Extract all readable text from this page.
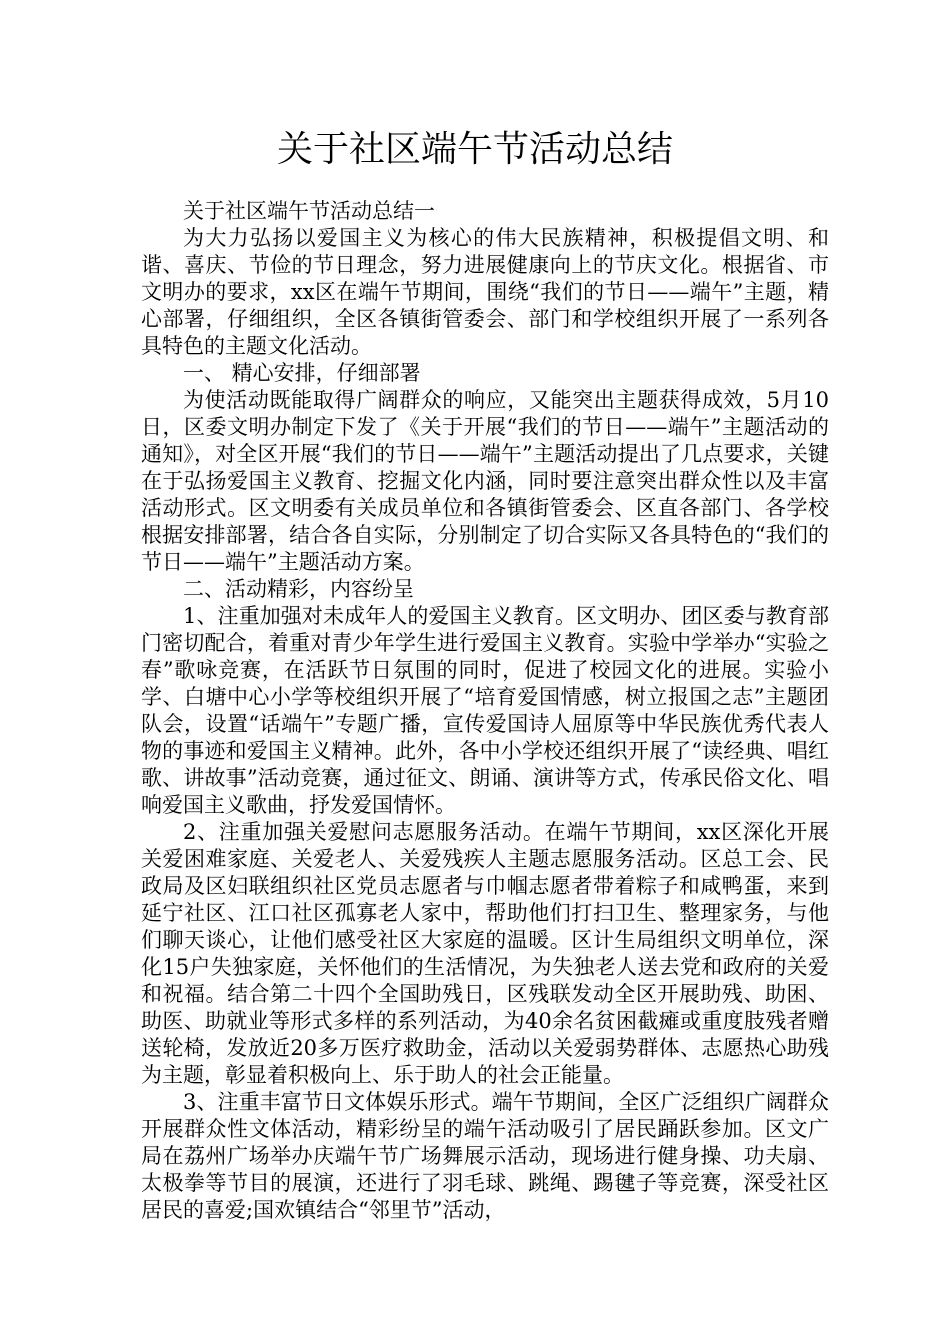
关于社区端午节活动总结

关于社区端午节活动总结一

为大力弘扬以爱国主义为核心的伟大民族精神，积极提倡文明、和谐、喜庆、节俭的节日理念，努力进展健康向上的节庆文化。根据省、市文明办的要求，xx区在端午节期间，围绕“我们的节日——端午”主题，精心部署，仔细组织，全区各镇街管委会、部门和学校组织开展了一系列各具特色的主题文化活动。

一、 精心安排，仔细部署

为使活动既能取得广阔群众的响应，又能突出主题获得成效，5月10日，区委文明办制定下发了《关于开展“我们的节日——端午”主题活动的通知》，对全区开展“我们的节日——端午”主题活动提出了几点要求，关键在于弘扬爱国主义教育、挖掘文化内涵，同时要注意突出群众性以及丰富活动形式。区文明委有关成员单位和各镇街管委会、区直各部门、各学校根据安排部署，结合各自实际，分别制定了切合实际又各具特色的“我们的节日——端午”主题活动方案。

二、活动精彩，内容纷呈

1、注重加强对未成年人的爱国主义教育。区文明办、团区委与教育部门密切配合，着重对青少年学生进行爱国主义教育。实验中学举办“实验之春”歌咏竞赛，在活跃节日氛围的同时，促进了校园文化的进展。实验小学、白塘中心小学等校组织开展了“培育爱国情感，树立报国之志”主题团队会，设置“话端午”专题广播，宣传爱国诗人屈原等中华民族优秀代表人物的事迹和爱国主义精神。此外，各中小学校还组织开展了“读经典、唱红歌、讲故事”活动竞赛，通过征文、朗诵、演讲等方式，传承民俗文化、唱响爱国主义歌曲，抒发爱国情怀。

2、注重加强关爱慰问志愿服务活动。在端午节期间，xx区深化开展关爱困难家庭、关爱老人、关爱残疾人主题志愿服务活动。区总工会、民政局及区妇联组织社区党员志愿者与巾帼志愿者带着粽子和咸鸭蛋，来到延宁社区、江口社区孤寡老人家中，帮助他们打扫卫生、整理家务，与他们聊天谈心，让他们感受社区大家庭的温暖。区计生局组织文明单位，深化15户失独家庭，关怀他们的生活情况，为失独老人送去党和政府的关爱和祝福。结合第二十四个全国助残日，区残联发动全区开展助残、助困、助医、助就业等形式多样的系列活动，为40余名贫困截瘫或重度肢残者赠送轮椅，发放近20多万医疗救助金，活动以关爱弱势群体、志愿热心助残为主题，彰显着积极向上、乐于助人的社会正能量。

3、注重丰富节日文体娱乐形式。端午节期间，全区广泛组织广阔群众开展群众性文体活动，精彩纷呈的端午活动吸引了居民踊跃参加。区文广局在荔州广场举办庆端午节广场舞展示活动，现场进行健身操、功夫扇、太极拳等节目的展演，还进行了羽毛球、跳绳、踢毽子等竞赛，深受社区居民的喜爱;国欢镇结合“邻里节”活动，
